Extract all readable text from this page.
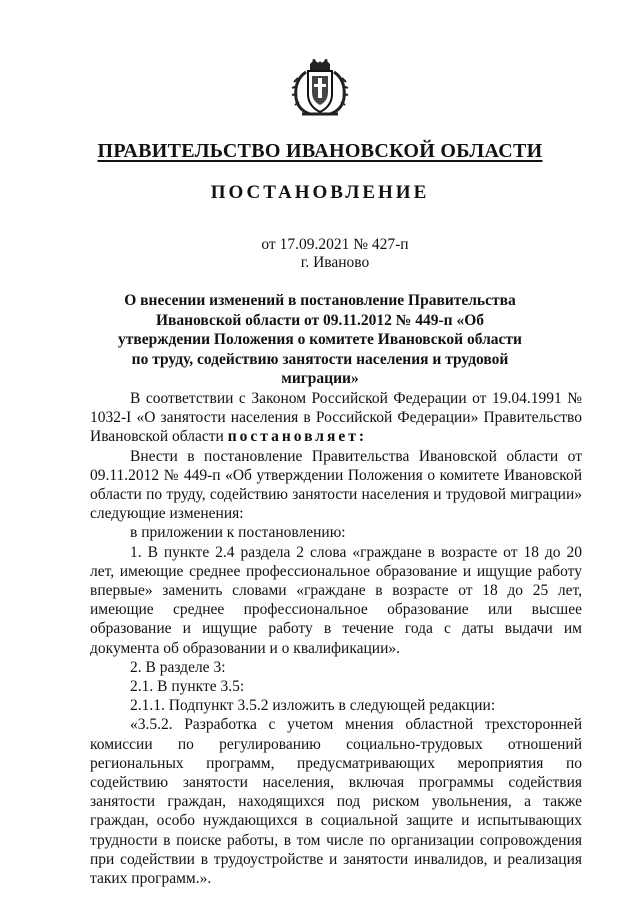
ПРАВИТЕЛЬСТВО ИВАНОВСКОЙ ОБЛАСТИ
ПОСТАНОВЛЕНИЕ
от 17.09.2021 № 427-п
г. Иваново
О внесении изменений в постановление Правительства Ивановской области от 09.11.2012 № 449-п «Об утверждении Положения о комитете Ивановской области по труду, содействию занятости населения и трудовой миграции»

В соответствии с Законом Российской Федерации от 19.04.1991 № 1032-I «О занятости населения в Российской Федерации» Правительство Ивановской области постановляет:

Внести в постановление Правительства Ивановской области от 09.11.2012 № 449-п «Об утверждении Положения о комитете Ивановской области по труду, содействию занятости населения и трудовой миграции» следующие изменения:

в приложении к постановлению:

1. В пункте 2.4 раздела 2 слова «граждане в возрасте от 18 до 20 лет, имеющие среднее профессиональное образование и ищущие работу впервые» заменить словами «граждане в возрасте от 18 до 25 лет, имеющие среднее профессиональное образование или высшее образование и ищущие работу в течение года с даты выдачи им документа об образовании и о квалификации».

2. В разделе 3:

2.1. В пункте 3.5:

2.1.1. Подпункт 3.5.2 изложить в следующей редакции:

«3.5.2. Разработка с учетом мнения областной трехсторонней комиссии по регулированию социально-трудовых отношений региональных программ, предусматривающих мероприятия по содействию занятости населения, включая программы содействия занятости граждан, находящихся под риском увольнения, а также граждан, особо нуждающихся в социальной защите и испытывающих трудности в поиске работы, в том числе по организации сопровождения при содействии в трудоустройстве и занятости инвалидов, и реализация таких программ.».
